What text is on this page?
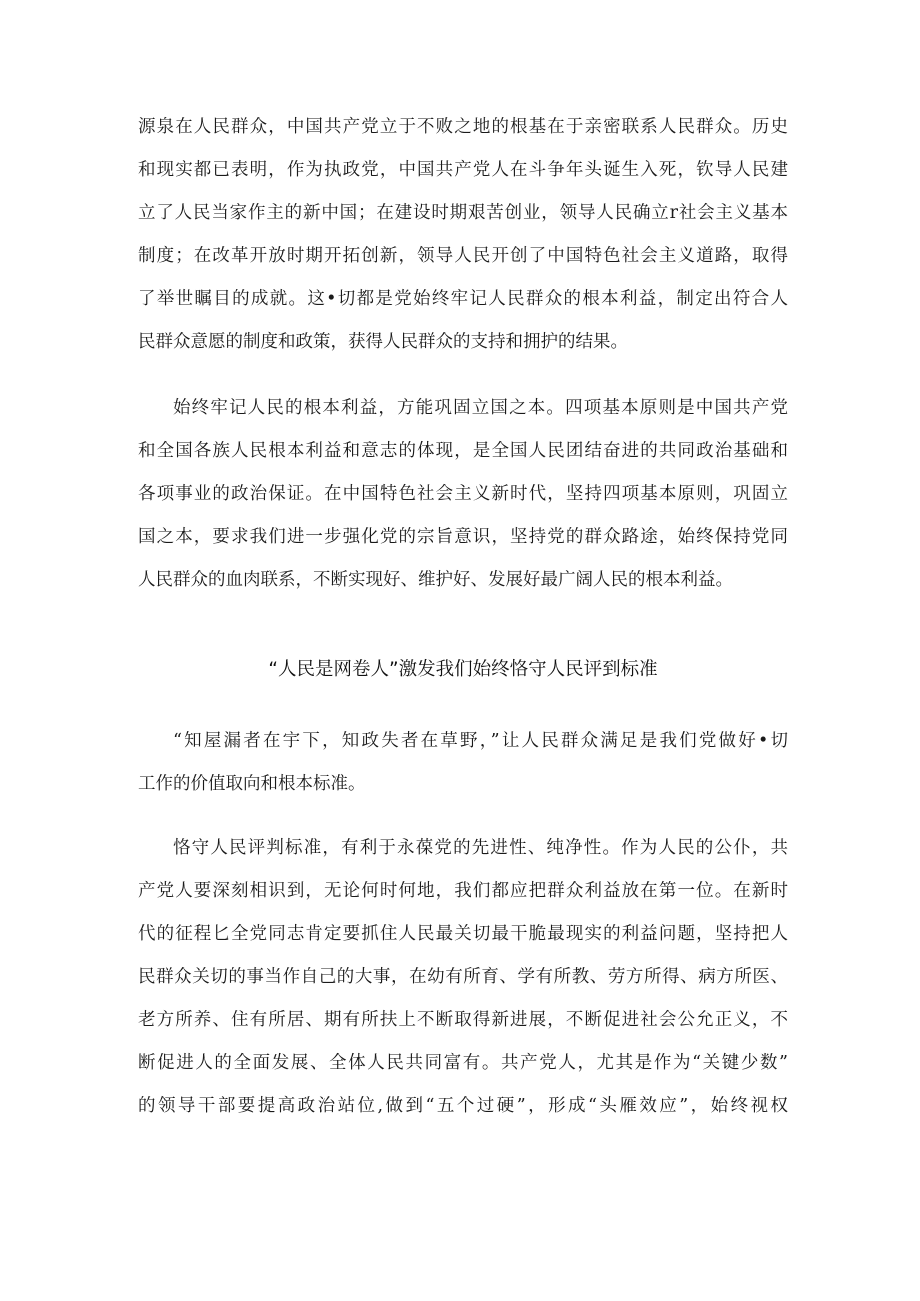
源泉在人民群众，中国共产党立于不败之地的根基在于亲密联系人民群众。历史
和现实都已表明，作为执政党，中国共产党人在斗争年头诞生入死，钦导人民建
立了人民当家作主的新中国；在建设时期艰苦创业，领导人民确立r社会主义基本
制度；在改革开放时期开拓创新，领导人民开创了中国特色社会主义道路，取得
了举世瞩目的成就。这•切都是党始终牢记人民群众的根本利益，制定出符合人
民群众意愿的制度和政策，获得人民群众的支持和拥护的结果。
始终牢记人民的根本利益，方能巩固立国之本。四项基本原则是中国共产党
和全国各族人民根本利益和意志的体现，是全国人民团结奋进的共同政治基础和
各项事业的政治保证。在中国特色社会主义新时代，坚持四项基本原则，巩固立
国之本，要求我们进一步强化党的宗旨意识，坚持党的群众路途，始终保持党同
人民群众的血肉联系，不断实现好、维护好、发展好最广阔人民的根本利益。
“人民是网卷人”激发我们始终恪守人民评到标准
“知屋漏者在宇下，知政失者在草野，”让人民群众满足是我们党做好•切
工作的价值取向和根本标准。
恪守人民评判标准，有利于永葆党的先进性、纯净性。作为人民的公仆，共
产党人要深刻相识到，无论何时何地，我们都应把群众利益放在第一位。在新时
代的征程匕全党同志肯定要抓住人民最关切最干脆最现实的利益问题，坚持把人
民群众关切的事当作自己的大事，在幼有所育、学有所教、劳方所得、病方所医、
老方所养、住有所居、期有所扶上不断取得新进展，不断促进社会公允正义，不
断促进人的全面发展、全体人民共同富有。共产党人，尤其是作为“关键少数”
的领导干部要提高政治站位,做到“五个过硬”，形成“头雁效应”，始终视权
